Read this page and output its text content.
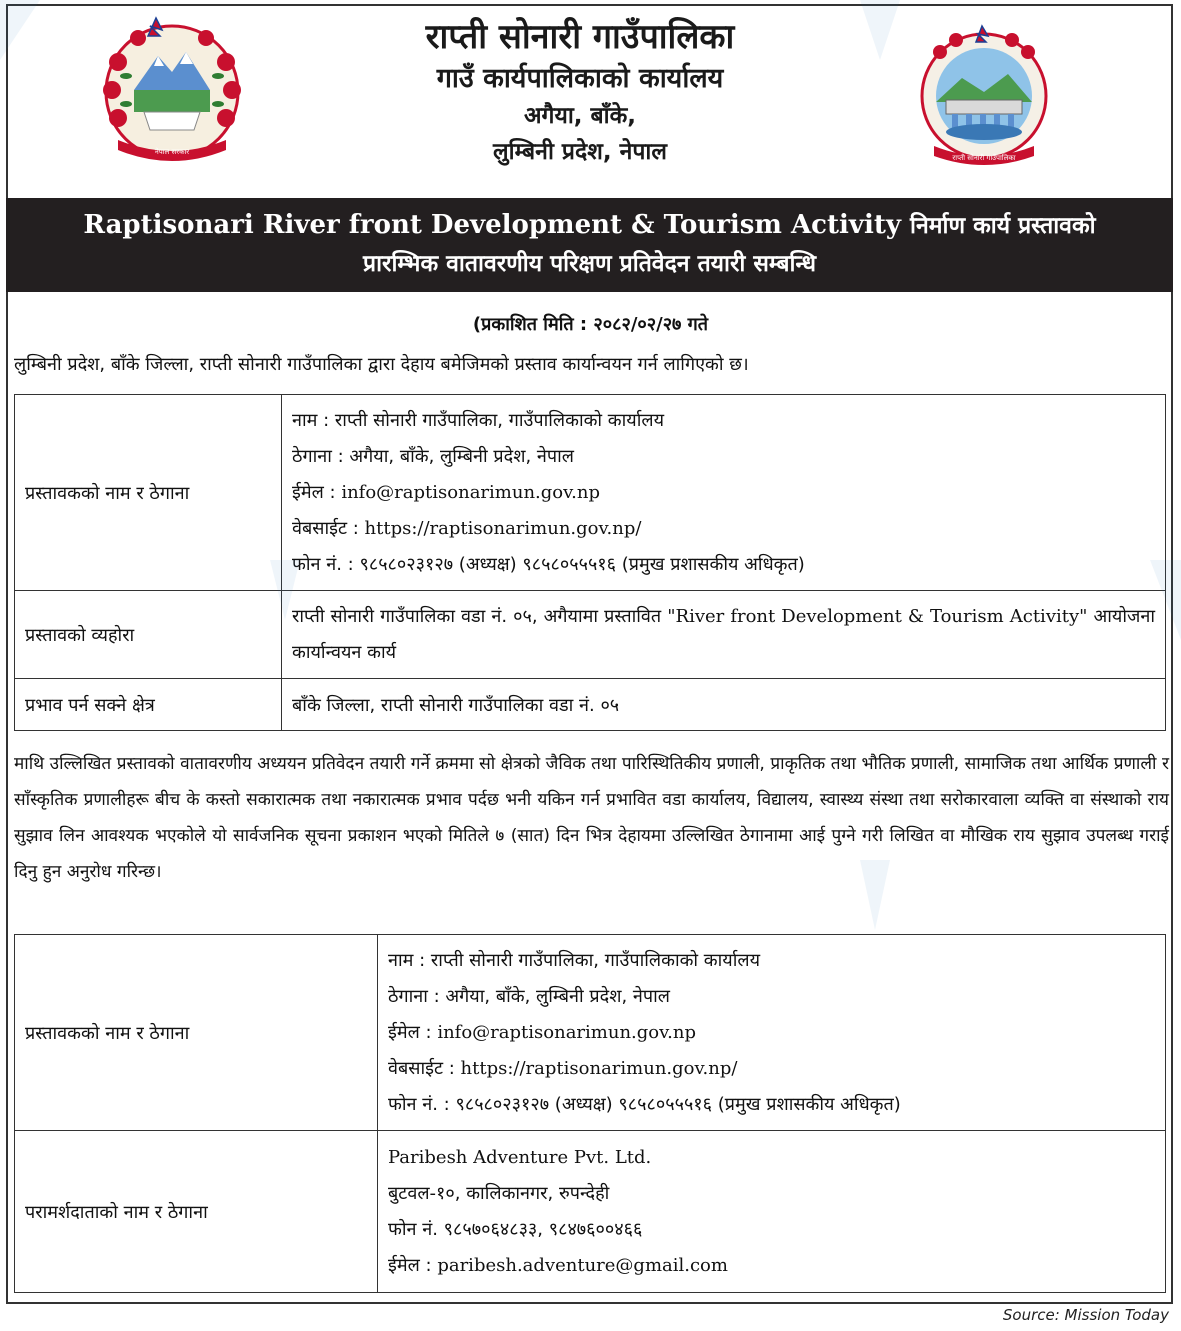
नेपाल सरकार
राप्ती सोनारी गाउँपालिका
राप्ती सोनारी गाउँपालिका
गाउँ कार्यपालिकाको कार्यालय
अगैया, बाँके,
लुम्बिनी प्रदेश, नेपाल
Raptisonari River front Development & Tourism Activity निर्माण कार्य प्रस्तावको
प्रारम्भिक वातावरणीय परिक्षण प्रतिवेदन तयारी सम्बन्धि
(प्रकाशित मिति : २०८२/०२/२७ गते
लुम्बिनी प्रदेश, बाँके जिल्ला, राप्ती सोनारी गाउँपालिका द्वारा देहाय बमेजिमको प्रस्ताव कार्यान्वयन गर्न लागिएको छ।
प्रस्तावकको नाम र ठेगाना	नाम : राप्ती सोनारी गाउँपालिका, गाउँपालिकाको कार्यालय
ठेगाना : अगैया, बाँके, लुम्बिनी प्रदेश, नेपाल
ईमेल : info@raptisonarimun.gov.np
वेबसाईट : https://raptisonarimun.gov.np/
फोन नं. : ९८५८०२३१२७ (अध्यक्ष) ९८५८०५५५१६ (प्रमुख प्रशासकीय अधिकृत)

प्रस्तावको व्यहोरा	राप्ती सोनारी गाउँपालिका वडा नं. ०५, अगैयामा प्रस्तावित "River front Development & Tourism Activity" आयोजना कार्यान्वयन कार्य
प्रभाव पर्न सक्ने क्षेत्र	बाँके जिल्ला, राप्ती सोनारी गाउँपालिका वडा नं. ०५
माथि उल्लिखित प्रस्तावको वातावरणीय अध्ययन प्रतिवेदन तयारी गर्ने क्रममा सो क्षेत्रको जैविक तथा पारिस्थितिकीय प्रणाली, प्राकृतिक तथा भौतिक प्रणाली, सामाजिक तथा आर्थिक प्रणाली र साँस्कृतिक प्रणालीहरू बीच के कस्तो सकारात्मक तथा नकारात्मक प्रभाव पर्दछ भनी यकिन गर्न प्रभावित वडा कार्यालय, विद्यालय, स्वास्थ्य संस्था तथा सरोकारवाला व्यक्ति वा संस्थाको राय सुझाव लिन आवश्यक भएकोले यो सार्वजनिक सूचना प्रकाशन भएको मितिले ७ (सात) दिन भित्र देहायमा उल्लिखित ठेगानामा आई पुग्ने गरी लिखित वा मौखिक राय सुझाव उपलब्ध गराई दिनु हुन अनुरोध गरिन्छ।
प्रस्तावकको नाम र ठेगाना	नाम : राप्ती सोनारी गाउँपालिका, गाउँपालिकाको कार्यालय
ठेगाना : अगैया, बाँके, लुम्बिनी प्रदेश, नेपाल
ईमेल : info@raptisonarimun.gov.np
वेबसाईट : https://raptisonarimun.gov.np/
फोन नं. : ९८५८०२३१२७ (अध्यक्ष) ९८५८०५५५१६ (प्रमुख प्रशासकीय अधिकृत)

परामर्शदाताको नाम र ठेगाना	Paribesh Adventure Pvt. Ltd.
बुटवल-१०, कालिकानगर, रुपन्देही
फोन नं. ९८५७०६४८३३, ९८४७६००४६६
ईमेल : paribesh.adventure@gmail.com
Source: Mission Today
